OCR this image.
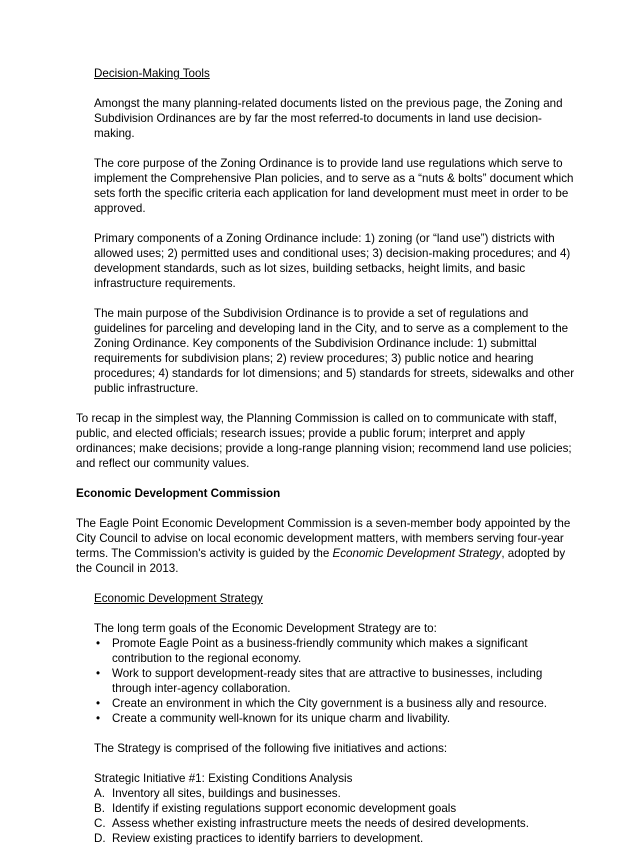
Decision-Making Tools

Amongst the many planning-related documents listed on the previous page, the Zoning and Subdivision Ordinances are by far the most referred-to documents in land use decision-making.

The core purpose of the Zoning Ordinance is to provide land use regulations which serve to implement the Comprehensive Plan policies, and to serve as a “nuts & bolts” document which sets forth the specific criteria each application for land development must meet in order to be approved.

Primary components of a Zoning Ordinance include: 1) zoning (or “land use”) districts with allowed uses; 2) permitted uses and conditional uses; 3) decision-making procedures; and 4) development standards, such as lot sizes, building setbacks, height limits, and basic infrastructure requirements.

The main purpose of the Subdivision Ordinance is to provide a set of regulations and guidelines for parceling and developing land in the City, and to serve as a complement to the Zoning Ordinance. Key components of the Subdivision Ordinance include: 1) submittal requirements for subdivision plans; 2) review procedures; 3) public notice and hearing procedures; 4) standards for lot dimensions; and 5) standards for streets, sidewalks and other public infrastructure.

To recap in the simplest way, the Planning Commission is called on to communicate with staff, public, and elected officials; research issues; provide a public forum; interpret and apply ordinances; make decisions; provide a long-range planning vision; recommend land use policies; and reflect our community values.

Economic Development Commission

The Eagle Point Economic Development Commission is a seven-member body appointed by the City Council to advise on local economic development matters, with members serving four-year terms. The Commission's activity is guided by the Economic Development Strategy, adopted by the Council in 2013.

Economic Development Strategy

The long term goals of the Economic Development Strategy are to:

• Promote Eagle Point as a business-friendly community which makes a significant contribution to the regional economy.
• Work to support development-ready sites that are attractive to businesses, including through inter-agency collaboration.
• Create an environment in which the City government is a business ally and resource.
• Create a community well-known for its unique charm and livability.

The Strategy is comprised of the following five initiatives and actions:

Strategic Initiative #1: Existing Conditions Analysis

A. Inventory all sites, buildings and businesses.
B. Identify if existing regulations support economic development goals
C. Assess whether existing infrastructure meets the needs of desired developments.
D. Review existing practices to identify barriers to development.
